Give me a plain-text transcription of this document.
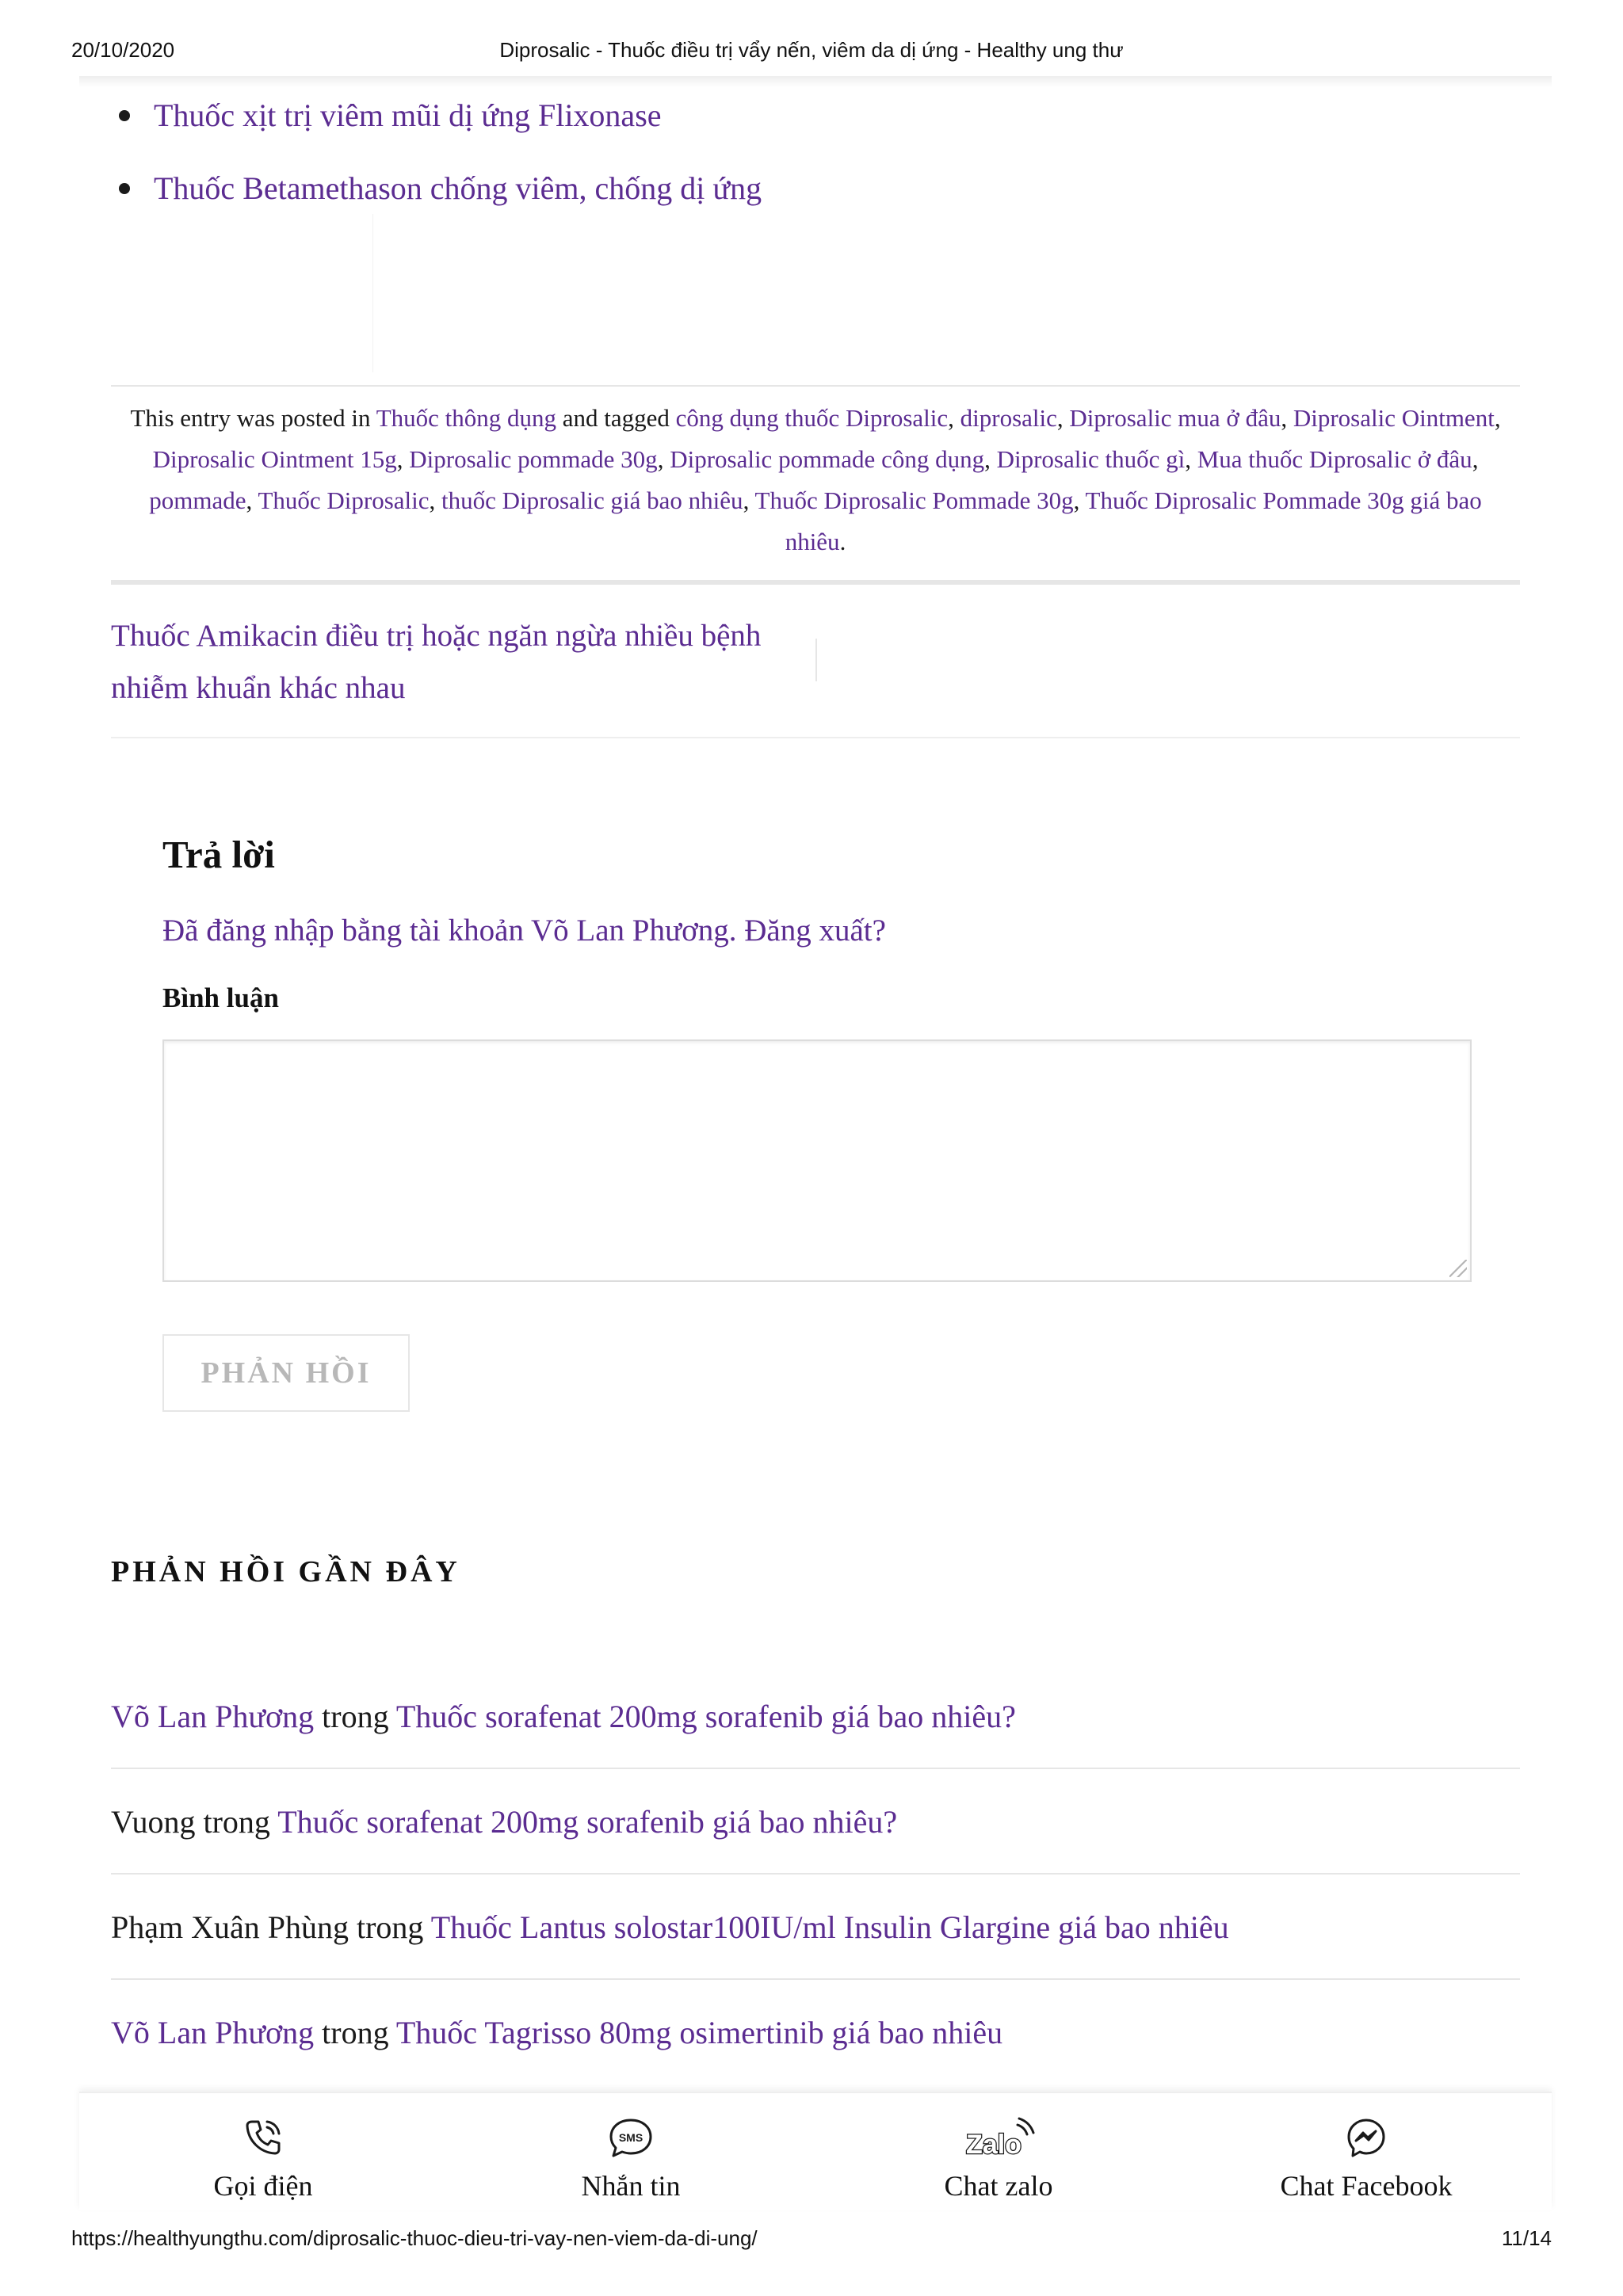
20/10/2020	Diprosalic - Thuốc điều trị vẩy nến, viêm da dị ứng - Healthy ung thư
Thuốc xịt trị viêm mũi dị ứng Flixonase
Thuốc Betamethason chống viêm, chống dị ứng
This entry was posted in Thuốc thông dụng and tagged công dụng thuốc Diprosalic, diprosalic, Diprosalic mua ở đâu, Diprosalic Ointment, Diprosalic Ointment 15g, Diprosalic pommade 30g, Diprosalic pommade công dụng, Diprosalic thuốc gì, Mua thuốc Diprosalic ở đâu, pommade, Thuốc Diprosalic, thuốc Diprosalic giá bao nhiêu, Thuốc Diprosalic Pommade 30g, Thuốc Diprosalic Pommade 30g giá bao nhiêu.
Thuốc Amikacin điều trị hoặc ngăn ngừa nhiều bệnh nhiễm khuẩn khác nhau
Trả lời
Đã đăng nhập bằng tài khoản Võ Lan Phương. Đăng xuất?
Bình luận
PHẢN HỒI
PHẢN HỒI GẦN ĐÂY
Võ Lan Phương trong Thuốc sorafenat 200mg sorafenib giá bao nhiêu?
Vuong trong Thuốc sorafenat 200mg sorafenib giá bao nhiêu?
Phạm Xuân Phùng trong Thuốc Lantus solostar100IU/ml Insulin Glargine giá bao nhiêu
Võ Lan Phương trong Thuốc Tagrisso 80mg osimertinib giá bao nhiêu
Gọi điện
SMS
Nhắn tin
Zalo
Chat zalo	Chat Facebook
https://healthyungthu.com/diprosalic-thuoc-dieu-tri-vay-nen-viem-da-di-ung/	11/14
